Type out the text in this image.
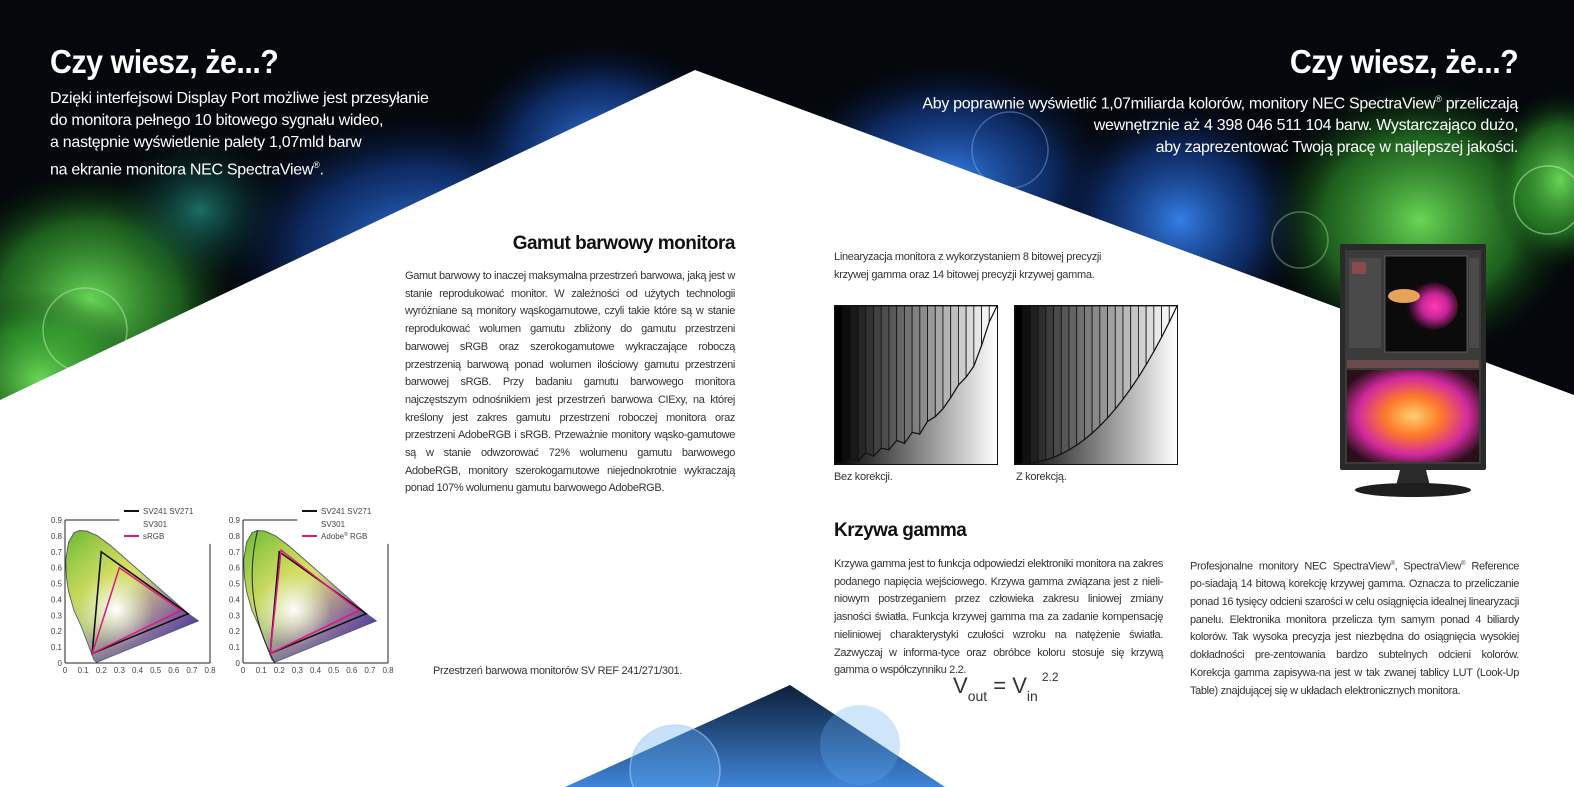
Czy wiesz, że...?
Dzięki interfejsowi Display Port możliwe jest przesyłanie
do monitora pełnego 10 bitowego sygnału wideo,
a następnie wyświetlenie palety 1,07mld barw
na ekranie monitora NEC SpectraView®.
Czy wiesz, że...?
Aby poprawnie wyświetlić 1,07miliarda kolorów, monitory NEC SpectraView® przeliczają
wewnętrznie aż 4 398 046 511 104 barw. Wystarczająco dużo,
aby zaprezentować Twoją pracę w najlepszej jakości.
Gamut barwowy monitora
Gamut barwowy to inaczej maksymalna przestrzeń barwowa, jaką jest w stanie reprodukować monitor. W zależności od użytych technologii wyróżniane są monitory wąskogamutowe, czyli takie które są w stanie reprodukować wolumen gamutu zbliżony do gamutu przestrzeni barwowej sRGB oraz szerokogamutowe wykraczające roboczą przestrzenią barwową ponad wolumen ilościowy gamutu przestrzeni barwowej sRGB. Przy badaniu gamutu barwowego monitora najczęstszym odnośnikiem jest przestrzeń barwowa CIExy, na której kreślony jest zakres gamutu przestrzeni roboczej monitora oraz przestrzeni AdobeRGB i sRGB. Przeważnie monitory wąsko-gamutowe są w stanie odwzorować 72% wolumenu gamutu barwowego AdobeRGB, monitory szerokogamutowe niejednokrotnie wykraczają ponad 107% wolumenu gamutu barwowego AdobeRGB.
Przestrzeń barwowa monitorów SV REF 241/271/301.
0 0.1 0.2 0.3 0.4 0.5 0.6 0.7 0.8
0
0.1
0.2
0.3
0.4
0.5
0.6
0.7
0.8
0.9
SV241 SV271
SV301
sRGB
0 0.1 0.2 0.3 0.4 0.5 0.6 0.7 0.8
0
0.1
0.2
0.3
0.4
0.5
0.6
0.7
0.8
0.9
SV241 SV271
SV301
Adobe® RGB
Linearyzacja monitora z wykorzystaniem 8 bitowej precyzji
krzywej gamma oraz 14 bitowej precyzji krzywej gamma.
Bez korekcji.	Z korekcją.
Krzywa gamma
Krzywa gamma jest to funkcja odpowiedzi elektroniki monitora na zakres podanego napięcia wejściowego. Krzywa gamma związana jest z nieli-niowym postrzeganiem przez człowieka zakresu liniowej zmiany jasności światła. Funkcja krzywej gamma ma za zadanie kompensację nieliniowej charakterystyki czułości wzroku na natężenie światła. Zazwyczaj w informa-tyce oraz obróbce koloru stosuje się krzywą gamma o współczynniku 2.2.
$V_{out} = V_{in}^{2.2}$
Profesjonalne monitory NEC SpectraView®, SpectraView® Reference po-siadają 14 bitową korekcję krzywej gamma. Oznacza to przeliczanie ponad 16 tysięcy odcieni szarości w celu osiągnięcia idealnej linearyzacji panelu. Elektronika monitora przelicza tym samym ponad 4 biliardy kolorów. Tak wysoka precyzja jest niezbędna do osiągnięcia wysokiej dokładności pre-zentowania bardzo subtelnych odcieni kolorów. Korekcja gamma zapisywa-na jest w tak zwanej tablicy LUT (Look-Up Table) znajdującej się w układach elektronicznych monitora.
